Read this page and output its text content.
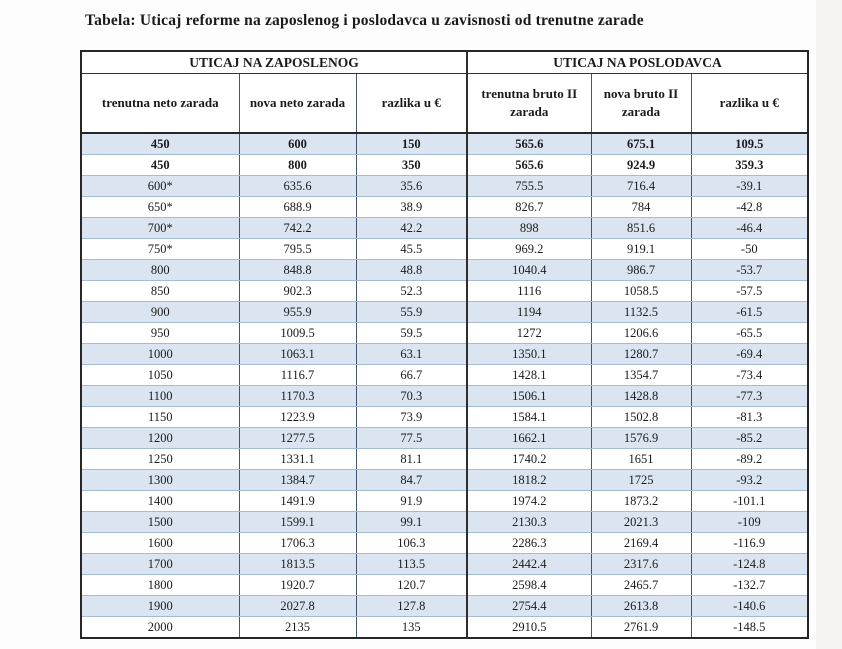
Tabela: Uticaj reforme na zaposlenog i poslodavca u zavisnosti od trenutne zarade
UTICAJ NA ZAPOSLENOG			UTICAJ NA POSLODAVCA		
trenutna neto zarada	nova neto zarada	razlika u €	trenutna bruto II zarada	nova bruto II zarada	razlika u €
450	600	150	565.6	675.1	109.5
450	800	350	565.6	924.9	359.3
600*	635.6	35.6	755.5	716.4	-39.1
650*	688.9	38.9	826.7	784	-42.8
700*	742.2	42.2	898	851.6	-46.4
750*	795.5	45.5	969.2	919.1	-50
800	848.8	48.8	1040.4	986.7	-53.7
850	902.3	52.3	1116	1058.5	-57.5
900	955.9	55.9	1194	1132.5	-61.5
950	1009.5	59.5	1272	1206.6	-65.5
1000	1063.1	63.1	1350.1	1280.7	-69.4
1050	1116.7	66.7	1428.1	1354.7	-73.4
1100	1170.3	70.3	1506.1	1428.8	-77.3
1150	1223.9	73.9	1584.1	1502.8	-81.3
1200	1277.5	77.5	1662.1	1576.9	-85.2
1250	1331.1	81.1	1740.2	1651	-89.2
1300	1384.7	84.7	1818.2	1725	-93.2
1400	1491.9	91.9	1974.2	1873.2	-101.1
1500	1599.1	99.1	2130.3	2021.3	-109
1600	1706.3	106.3	2286.3	2169.4	-116.9
1700	1813.5	113.5	2442.4	2317.6	-124.8
1800	1920.7	120.7	2598.4	2465.7	-132.7
1900	2027.8	127.8	2754.4	2613.8	-140.6
2000	2135	135	2910.5	2761.9	-148.5
